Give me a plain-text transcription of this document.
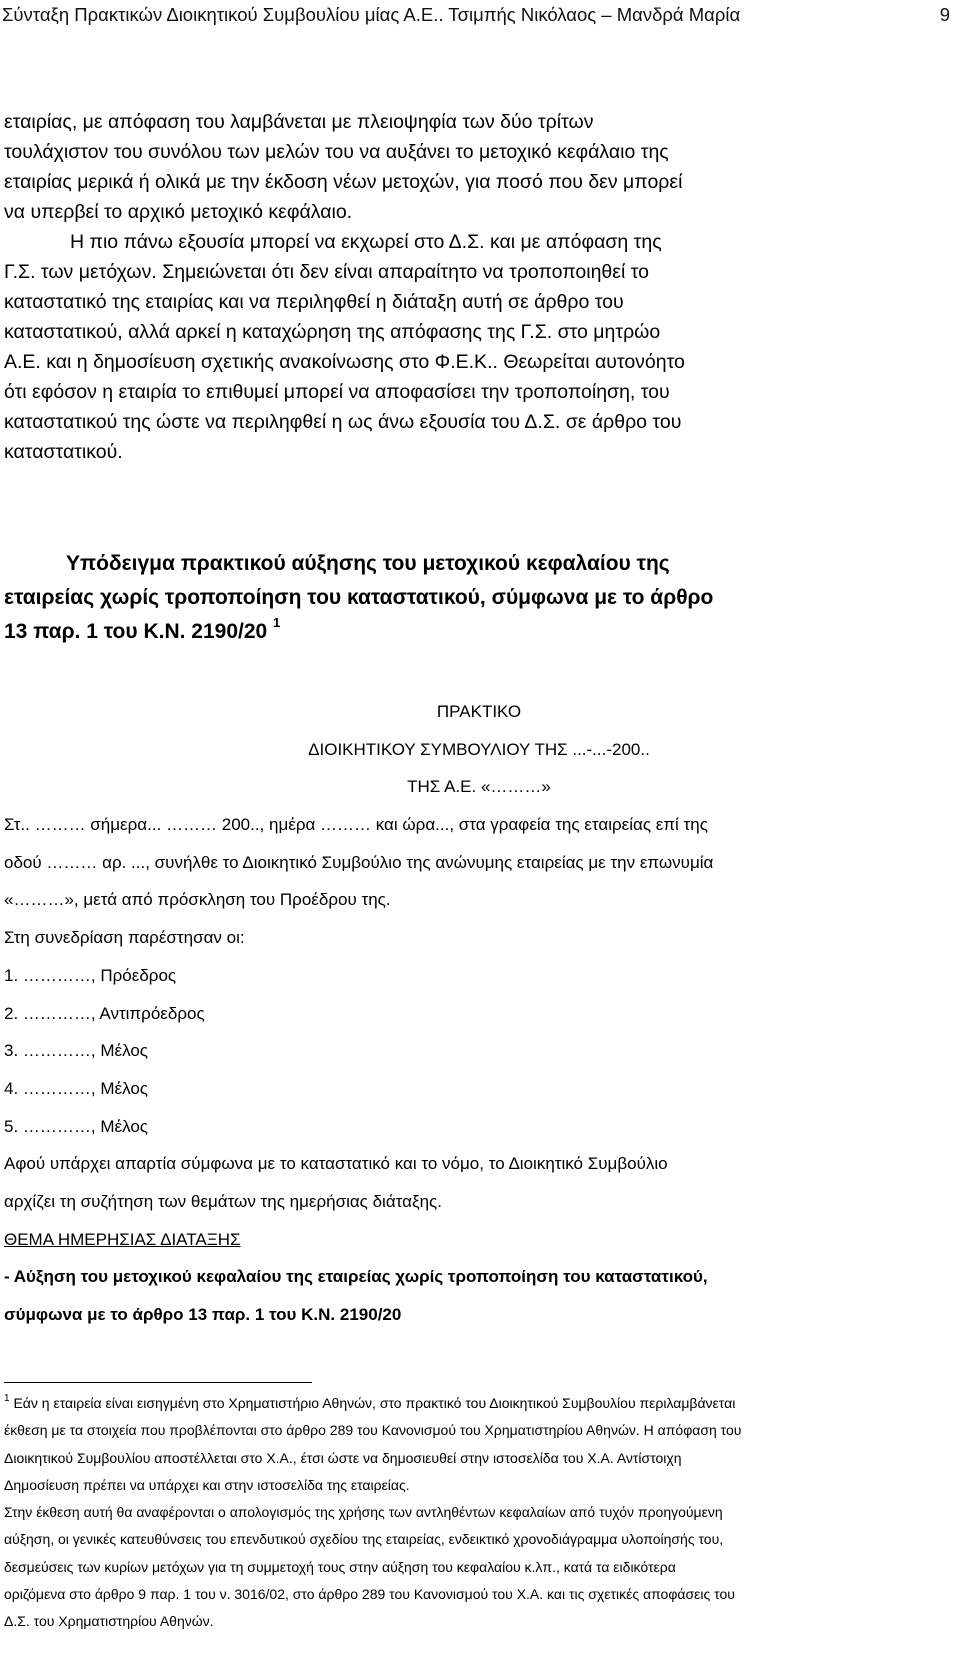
Σύνταξη Πρακτικών Διοικητικού Συμβουλίου μίας Α.Ε.. Τσιμπής Νικόλαος – Μανδρά Μαρία	9
εταιρίας, με απόφαση του λαμβάνεται με πλειοψηφία των δύο τρίτων
τουλάχιστον του συνόλου των μελών του να αυξάνει το μετοχικό κεφάλαιο της
εταιρίας μερικά ή ολικά με την έκδοση νέων μετοχών, για ποσό που δεν μπορεί
να υπερβεί το αρχικό μετοχικό κεφάλαιο.
Η πιο πάνω εξουσία μπορεί να εκχωρεί στο Δ.Σ. και με απόφαση της
Γ.Σ. των μετόχων. Σημειώνεται ότι δεν είναι απαραίτητο να τροποποιηθεί το
καταστατικό της εταιρίας και να περιληφθεί η διάταξη αυτή σε άρθρο του
καταστατικού, αλλά αρκεί η καταχώρηση της απόφασης της Γ.Σ. στο μητρώο
Α.Ε. και η δημοσίευση σχετικής ανακοίνωσης στο Φ.Ε.Κ.. Θεωρείται αυτονόητο
ότι εφόσον η εταιρία το επιθυμεί μπορεί να αποφασίσει την τροποποίηση, του
καταστατικού της ώστε να περιληφθεί η ως άνω εξουσία του Δ.Σ. σε άρθρο του
καταστατικού.
Υπόδειγμα πρακτικού αύξησης του μετοχικού κεφαλαίου της
εταιρείας χωρίς τροποποίηση του καταστατικού, σύμφωνα με το άρθρο
13 παρ. 1 του Κ.Ν. 2190/20 $^1$
ΠΡΑΚΤΙΚΟ
ΔΙΟΙΚΗΤΙΚΟΥ ΣΥΜΒΟΥΛΙΟΥ ΤΗΣ ...-...-200..
ΤΗΣ Α.Ε. «………»
Στ.. ……… σήμερα... ……… 200.., ημέρα ……… και ώρα..., στα γραφεία της εταιρείας επί της
οδού ……… αρ. ..., συνήλθε το Διοικητικό Συμβούλιο της ανώνυμης εταιρείας με την επωνυμία
«………», μετά από πρόσκληση του Προέδρου της.
Στη συνεδρίαση παρέστησαν οι:
1. …………, Πρόεδρος
2. …………, Αντιπρόεδρος
3. …………, Μέλος
4. …………, Μέλος
5. …………, Μέλος
Αφού υπάρχει απαρτία σύμφωνα με το καταστατικό και το νόμο, το Διοικητικό Συμβούλιο
αρχίζει τη συζήτηση των θεμάτων της ημερήσιας διάταξης.
ΘΕΜΑ ΗΜΕΡΗΣΙΑΣ ΔΙΑΤΑΞΗΣ
- Αύξηση του μετοχικού κεφαλαίου της εταιρείας χωρίς τροποποίηση του καταστατικού,
σύμφωνα με το άρθρο 13 παρ. 1 του Κ.Ν. 2190/20
$^1$ Εάν η εταιρεία είναι εισηγμένη στο Χρηματιστήριο Αθηνών, στο πρακτικό του Διοικητικού Συμβουλίου περιλαμβάνεται
έκθεση με τα στοιχεία που προβλέπονται στο άρθρο 289 του Κανονισμού του Χρηματιστηρίου Αθηνών. Η απόφαση του
Διοικητικού Συμβουλίου αποστέλλεται στο Χ.Α., έτσι ώστε να δημοσιευθεί στην ιστοσελίδα του Χ.Α. Αντίστοιχη
Δημοσίευση πρέπει να υπάρχει και στην ιστοσελίδα της εταιρείας.
Στην έκθεση αυτή θα αναφέρονται ο απολογισμός της χρήσης των αντληθέντων κεφαλαίων από τυχόν προηγούμενη
αύξηση, οι γενικές κατευθύνσεις του επενδυτικού σχεδίου της εταιρείας, ενδεικτικό χρονοδιάγραμμα υλοποίησής του,
δεσμεύσεις των κυρίων μετόχων για τη συμμετοχή τους στην αύξηση του κεφαλαίου κ.λπ., κατά τα ειδικότερα
οριζόμενα στο άρθρο 9 παρ. 1 του ν. 3016/02, στο άρθρο 289 του Κανονισμού του Χ.Α. και τις σχετικές αποφάσεις του
Δ.Σ. του Χρηματιστηρίου Αθηνών.
